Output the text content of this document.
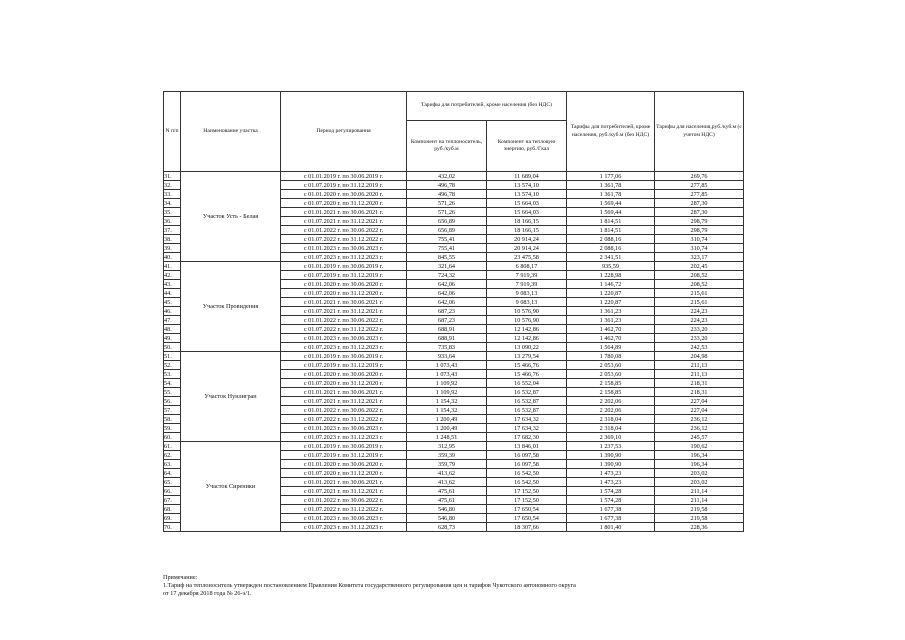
N п/п	Наименование участка	Период регулирования	Тарифы для потребителей, кроме населения (без НДС)		Тарифы для потребителей, кроме населения, руб./куб.м (без НДС)	Тарифы для населения,руб./куб.м (с учетом НДС)
			Компонент на теплоноситель, руб./куб.м	Компонент на тепловую энергию, руб./Гкал		
31.	Участок Усть - Белая	с 01.01.2019 г. по 30.06.2019 г.	432,02	11 689,04	1 177,06	269,76
32.		с 01.07.2019 г. по 31.12.2019 г.	496,78	13 574,10	1 361,78	277,85
33.		с 01.01.2020 г. по 30.06.2020 г.	496,78	13 574,10	1 361,78	277,85
34.		с 01.07.2020 г. по 31.12.2020 г.	571,26	15 664,03	1 569,44	287,30
35.		с 01.01.2021 г. по 30.06.2021 г.	571,26	15 664,03	1 569,44	287,30
36.		с 01.07.2021 г. по 31.12.2021 г.	656,89	18 166,15	1 814,51	298,79
37.		с 01.01.2022 г. по 30.06.2022 г.	656,89	18 166,15	1 814,51	298,79
38.		с 01.07.2022 г. по 31.12.2022 г.	755,41	20 914,24	2 088,16	310,74
39.		с 01.01.2023 г. по 30.06.2023 г.	755,41	20 914,24	2 088,16	310,74
40.		с 01.07.2023 г. по 31.12.2023 г.	845,55	23 475,58	2 341,51	323,17
41.	Участок Провидения	с 01.01.2019 г. по 30.06.2019 г.	321,64	6 808,17	935,59	202,45
42.		с 01.07.2019 г. по 31.12.2019 г.	724,32	7 919,39	1 228,98	208,52
43.		с 01.01.2020 г. по 30.06.2020 г.	642,06	7 919,39	1 146,72	208,52
44.		с 01.07.2020 г. по 31.12.2020 г.	642,06	9 083,13	1 220,87	215,61
45.		с 01.01.2021 г. по 30.06.2021 г.	642,06	9 083,13	1 220,87	215,61
46.		с 01.07.2021 г. по 31.12.2021 г.	687,23	10 576,90	1 361,23	224,23
47.		с 01.01.2022 г. по 30.06.2022 г.	687,23	10 576,90	1 361,23	224,23
48.		с 01.07.2022 г. по 31.12.2022 г.	688,91	12 142,86	1 462,70	233,20
49.		с 01.01.2023 г. по 30.06.2023 г.	688,91	12 142,86	1 462,70	233,20
50.		с 01.07.2023 г. по 31.12.2023 г.	735,83	13 090,22	1 564,89	242,53
51.	Участок Нунлигран	с 01.01.2019 г. по 30.06.2019 г.	933,64	13 279,54	1 780,08	204,98
52.		с 01.07.2019 г. по 31.12.2019 г.	1 073,43	15 466,76	2 053,60	211,13
53.		с 01.01.2020 г. по 30.06.2020 г.	1 073,43	15 466,76	2 053,60	211,13
54.		с 01.07.2020 г. по 31.12.2020 г.	1 109,92	16 552,04	2 158,85	218,31
55.		с 01.01.2021 г. по 30.06.2021 г.	1 109,92	16 532,87	2 158,85	218,31
56.		с 01.07.2021 г. по 31.12.2021 г.	1 154,32	16 532,87	2 202,06	227,04
57.		с 01.01.2022 г. по 30.06.2022 г.	1 154,32	16 532,87	2 202,06	227,04
58.		с 01.07.2022 г. по 31.12.2022 г.	1 200,49	17 634,32	2 318,04	236,12
59.		с 01.01.2023 г. по 30.06.2023 г.	1 200,49	17 634,32	2 318,04	236,12
60.		с 01.07.2023 г. по 31.12.2023 г.	1 248,51	17 682,30	2 369,10	245,57
61.	Участок Сиреники	с 01.01.2019 г. по 30.06.2019 г.	312,95	13 846,01	1 237,53	190,62
62.		с 01.07.2019 г. по 31.12.2019 г.	359,39	16 097,58	1 390,90	196,34
63.		с 01.01.2020 г. по 30.06.2020 г.	359,79	16 097,58	1 390,90	196,34
64.		с 01.07.2020 г. по 31.12.2020 г.	413,62	16 542,50	1 473,23	203,02
65.		с 01.01.2021 г. по 30.06.2021 г.	413,62	16 542,50	1 473,23	203,02
66.		с 01.07.2021 г. по 31.12.2021 г.	475,61	17 152,50	1 574,28	211,14
67.		с 01.01.2022 г. по 30.06.2022 г.	475,61	17 152,50	1 574,28	211,14
68.		с 01.07.2022 г. по 31.12.2022 г.	546,80	17 650,54	1 677,38	219,58
69.		с 01.01.2023 г. по 30.06.2023 г.	546,80	17 650,54	1 677,38	219,58
70.		с 01.07.2023 г. по 31.12.2023 г.	628,73	18 307,66	1 801,40	228,36
Примечание:
1.Тариф на теплоноситель утвержден постановлением Правления Комитета государственного регулирования цен и тарифов Чукотского автономного округа
от 17 декабря 2018 года № 26-э/1.
